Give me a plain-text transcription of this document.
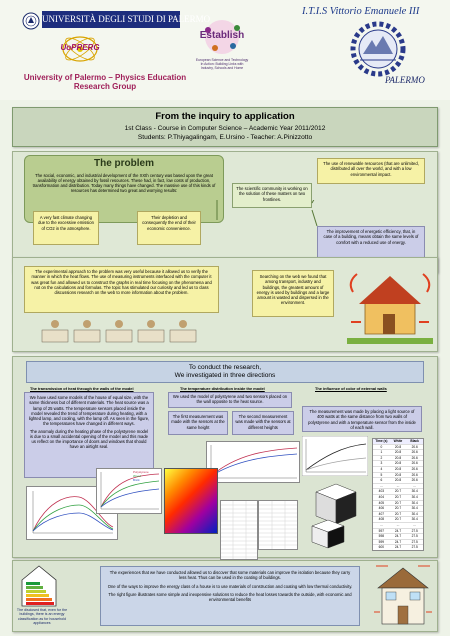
UNIVERSITÀ DEGLI STUDI DI PALERMO
UoPRERG
University of Palermo – Physics Education
Research Group
Establish
European Science and Technology In Action: Building Links with Industry, Schools and Home
I.T.I.S Vittorio Emanuele III
PALERMO
From the inquiry to application
1st Class - Course in Computer Science – Academic Year 2011/2012
Students: P.Thiyagalingam, E.Ursino - Teacher: A.Pinizzotto
The problem
The social, economic, and industrial development of the XXth century was based upon the great availability of energy obtained by fossil resources. These had, in fact, low costs of production, transformation and distribution. Today many things have changed. The massive use of this kinds of resources has determined two great and worrying results:
A very fast climate changing due to the excessive emission of CO2 in the atmosphere.
Their depletion and consequently the end of their economic convenience.
The scientific community is working on the solution of these matters on two frontlines.
The use of renewable resources (that are unlimited, distributed all over the world, and with a low environmental impact.
The improvement of energetic efficiency, that, in case of a building, means obtain the same levels of comfort with a reduced use of energy.
The experimental approach to the problem was very useful because it allowed us to verify the manner in which the heat flows. The use of measuring instruments interfaced with the computer it was great fun and allowed us to construct the graphs in real time focusing on the phenomena and not on the calculations and formulas. The topic has stimulated our curiosity and led us to class discussions research on the web to more information about the problem.
Searching on the web we found that among transport, industry and buildings, the greatest amount of energy is used by buildings and a large amount is wasted and dispersed in the environment.
To conduct the research,
We investigated in three directions
The transmission of heat through the walls of the model	The temperature distribution inside the model	The influence of color of external walls
We have used some models of the house of equal size, with the same thickness but of different materials. The heat source was a lamp of 25 watts. The temperature sensors placed inside the model revealed the trend of temperature during heating, with a lighted lamp, and cooling, with the lamp off. As seen in the figure, the temperatures have changed in different ways.
The anomaly during the heating phase of the polystyrene model is due to a small accidental opening of the model and this made us reflect on the importance of doors and windows that should have an airtight seal.
Polystyrene
Wood
Brick
We used the model of polystyrene and two sensors placed on the wall opposite to the heat source.
The first measurement was made with the sensors at the same height
The second measurement was made with the sensors at different heights
The measurement was made by placing a light source of 400 watts at the same distance from two walls of polystyrene and with a temperature sensor from the inside of each wall.
Time (s)	White	Black
0	20.8	20.6
1	20.8	20.6
2	20.8	20.6
3	20.8	20.6
4	20.8	20.6
5	20.8	20.6
6	20.8	20.6
...	...	...
403	20.7	30.4
404	20.7	30.4
405	20.7	30.4
406	20.7	30.4
407	20.7	30.4
408	20.7	30.4
...	...	...
597	24.7	27.5
598	24.7	27.5
599	24.7	27.5
600	24.7	27.5
The disclosed that, even for the buildings, there is an energy classification as for household appliances
The experiences that we have conducted allowed us to discover that some materials can improve the isolation because they carry less heat. Thus can be used in the coating of buildings.
One of the ways to improve the energy class of a house is to use materials of construction and coating with low thermal conductivity.
The right figure illustrates some simple and inexpensive solutions to reduce the heat losses towards the outside, with economic and environmental benefits
